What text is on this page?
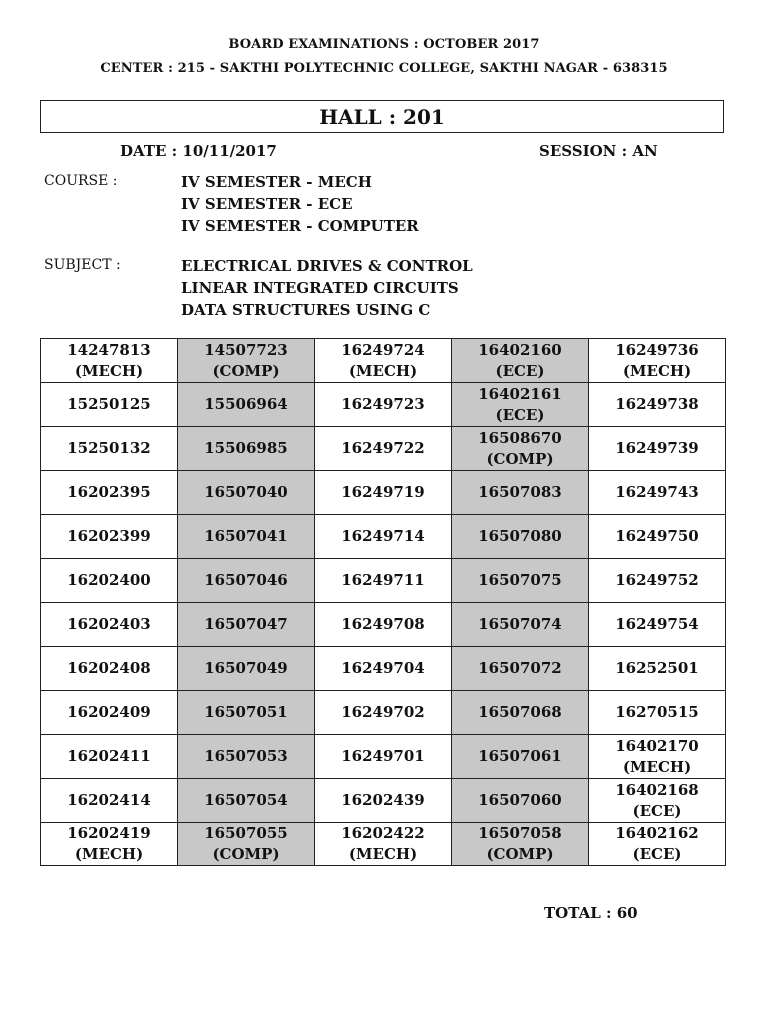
BOARD EXAMINATIONS : OCTOBER 2017
CENTER : 215 - SAKTHI POLYTECHNIC COLLEGE, SAKTHI NAGAR - 638315
HALL : 201
DATE : 10/11/2017	SESSION : AN
COURSE :	IV SEMESTER - MECH
IV SEMESTER - ECE
IV SEMESTER - COMPUTER
SUBJECT :	ELECTRICAL DRIVES & CONTROL
LINEAR INTEGRATED CIRCUITS
DATA STRUCTURES USING C
14247813
(MECH)	14507723
(COMP)	16249724
(MECH)	16402160
(ECE)	16249736
(MECH)

15250125	15506964	16249723	16402161
(ECE)	16249738

15250132	15506985	16249722	16508670
(COMP)	16249739

16202395	16507040	16249719	16507083	16249743

16202399	16507041	16249714	16507080	16249750

16202400	16507046	16249711	16507075	16249752

16202403	16507047	16249708	16507074	16249754

16202408	16507049	16249704	16507072	16252501

16202409	16507051	16249702	16507068	16270515

16202411	16507053	16249701	16507061	16402170
(MECH)

16202414	16507054	16202439	16507060	16402168
(ECE)

16202419
(MECH)	16507055
(COMP)	16202422
(MECH)	16507058
(COMP)	16402162
(ECE)
TOTAL : 60
